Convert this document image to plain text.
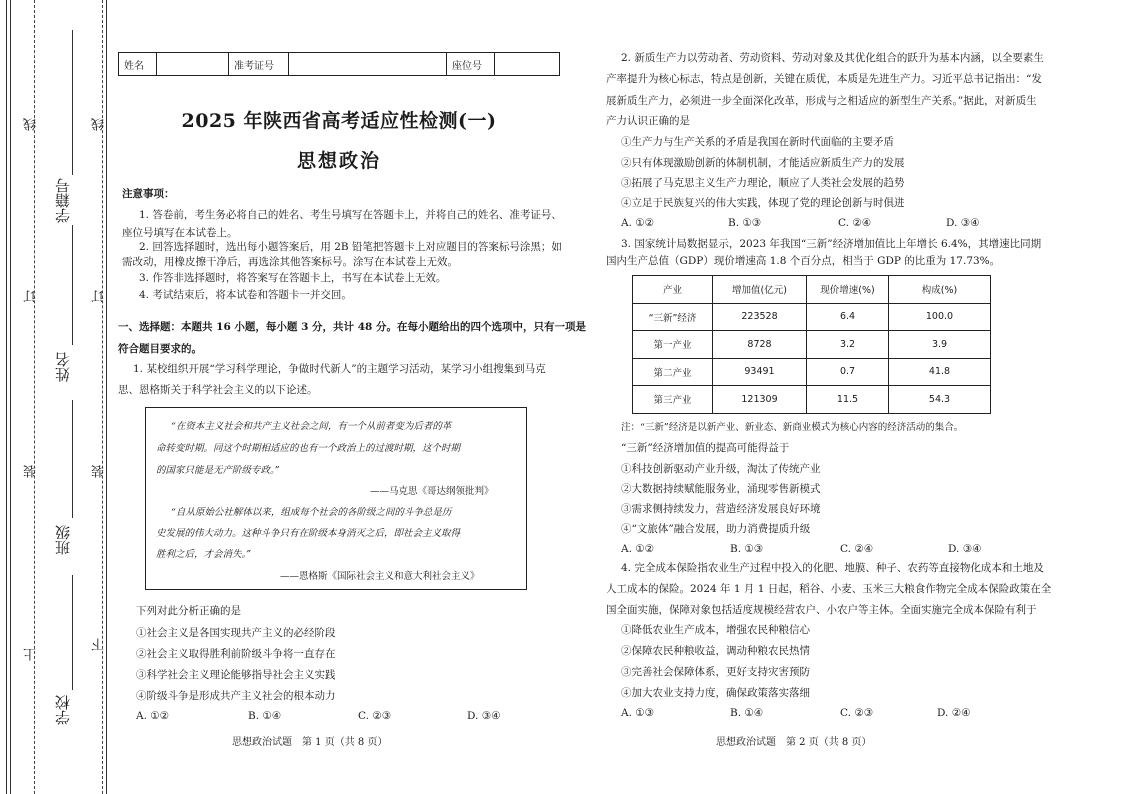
线
订
装
上
线
订
装
下
学籍号
姓名
班级
学校
姓名	准考证号	座位号
2025 年陕西省高考适应性检测(一)
思想政治
注意事项：
1. 答卷前，考生务必将自己的姓名、考生号填写在答题卡上，并将自己的姓名、准考证号、
座位号填写在本试卷上。
2. 回答选择题时，选出每小题答案后，用 2B 铅笔把答题卡上对应题目的答案标号涂黑；如
需改动，用橡皮擦干净后，再选涂其他答案标号。涂写在本试卷上无效。
3. 作答非选择题时，将答案写在答题卡上，书写在本试卷上无效。
4. 考试结束后，将本试卷和答题卡一并交回。
一、选择题：本题共 16 小题，每小题 3 分，共计 48 分。在每小题给出的四个选项中，只有一项是
符合题目要求的。
1. 某校组织开展“学习科学理论，争做时代新人”的主题学习活动，某学习小组搜集到马克
思、恩格斯关于科学社会主义的以下论述。
“在资本主义社会和共产主义社会之间，有一个从前者变为后者的革
命转变时期。同这个时期相适应的也有一个政治上的过渡时期，这个时期
的国家只能是无产阶级专政。”
——马克思《哥达纲领批判》
“自从原始公社解体以来，组成每个社会的各阶级之间的斗争总是历
史发展的伟大动力。这种斗争只有在阶级本身消灭之后，即社会主义取得
胜利之后，才会消失。”
——恩格斯《国际社会主义和意大利社会主义》
下列对此分析正确的是
①社会主义是各国实现共产主义的必经阶段
②社会主义取得胜利前阶级斗争将一直存在
③科学社会主义理论能够指导社会主义实践
④阶级斗争是形成共产主义社会的根本动力
A. ①②	B. ①④	C. ②③	D. ③④
2. 新质生产力以劳动者、劳动资料、劳动对象及其优化组合的跃升为基本内涵，以全要素生
产率提升为核心标志，特点是创新，关键在质优，本质是先进生产力。习近平总书记指出：“发
展新质生产力，必须进一步全面深化改革，形成与之相适应的新型生产关系。”据此，对新质生
产力认识正确的是
①生产力与生产关系的矛盾是我国在新时代面临的主要矛盾
②只有体现激励创新的体制机制，才能适应新质生产力的发展
③拓展了马克思主义生产力理论，顺应了人类社会发展的趋势
④立足于民族复兴的伟大实践，体现了党的理论创新与时俱进
A. ①②	B. ①③	C. ②④	D. ③④
3. 国家统计局数据显示，2023 年我国“三新”经济增加值比上年增长 6.4%，其增速比同期
国内生产总值（GDP）现价增速高 1.8 个百分点，相当于 GDP 的比重为 17.73%。
产业	增加值(亿元)	现价增速(%)	构成(%)
“三新”经济	223528	6.4	100.0
第一产业	8728	3.2	3.9
第二产业	93491	0.7	41.8
第三产业	121309	11.5	54.3
注：“三新”经济是以新产业、新业态、新商业模式为核心内容的经济活动的集合。
“三新”经济增加值的提高可能得益于
①科技创新驱动产业升级，淘汰了传统产业
②大数据持续赋能服务业，涌现零售新模式
③需求侧持续发力，营造经济发展良好环境
④“文旅体”融合发展，助力消费提质升级
A. ①②	B. ①③	C. ②④	D. ③④
4. 完全成本保险指农业生产过程中投入的化肥、地膜、种子、农药等直接物化成本和土地及
人工成本的保险。2024 年 1 月 1 日起，稻谷、小麦、玉米三大粮食作物完全成本保险政策在全
国全面实施，保障对象包括适度规模经营农户、小农户等主体。全面实施完全成本保险有利于
①降低农业生产成本，增强农民种粮信心
②保障农民种粮收益，调动种粮农民热情
③完善社会保障体系，更好支持灾害预防
④加大农业支持力度，确保政策落实落细
A. ①③	B. ①④	C. ②③	D. ②④
思想政治试题　第 1 页（共 8 页）	思想政治试题　第 2 页（共 8 页）
